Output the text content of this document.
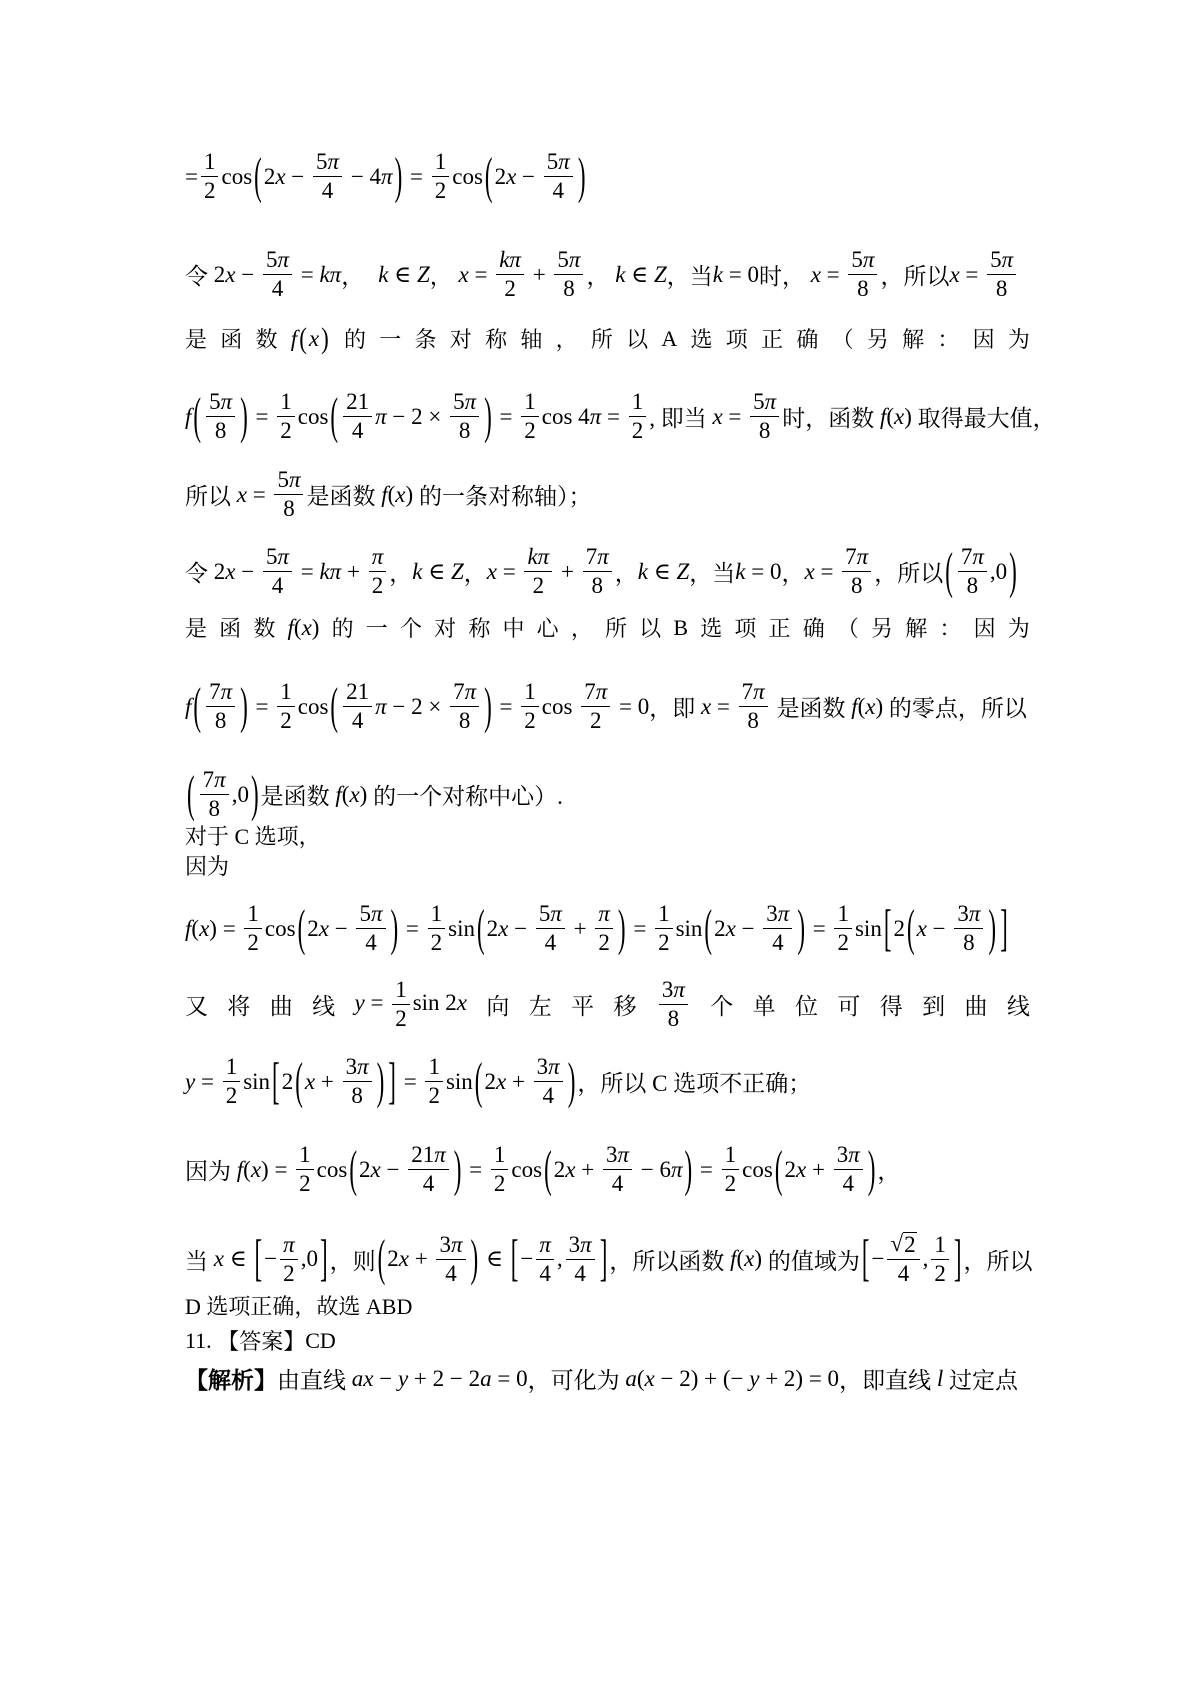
= $\frac{1}{2}$ cos ( 2 $x - \frac{5\pi}{4} - 4$ π ) = $\frac{1}{2}$ cos ( 2 $x - \frac{5\pi}{4}$ )
令 2 $x - \frac{5\pi}{4} = k\pi$ ， k ∈ Z ，
$x = \frac{k\pi}{2} + \frac{5\pi}{8}$ ，
k ∈ Z ，当 k = 0 时，
$x = \frac{5\pi}{8}$ ，所以 $x = \frac{5\pi}{8}$
是 函 数 f(x) 的 一 条 对 称 轴 ， 所 以 A 选 项 正 确 （ 另 解 ： 因 为
f ( $\frac{5\pi}{8}$ ) = $\frac{1}{2}$ cos ( $\frac{21}{4}$ $\pi - 2 \times \frac{5\pi}{8}$ ) = $\frac{1}{2}$ cos 4 $\pi = \frac{1}{2}$ , 即当
$x = \frac{5\pi}{8}$ 时，函数
f ( x ) 取得最大值，
所以
$x = \frac{5\pi}{8}$ 是函数
f ( x ) 的一条对称轴）；
令 2 $x - \frac{5\pi}{4} = k\pi + \frac{\pi}{2}$ ， k ∈ Z ， $x = \frac{k\pi}{2} + \frac{7\pi}{8}$ ， k ∈ Z ，当 k = 0 ， $x = \frac{7\pi}{8}$ ，所以 ( $\frac{7\pi}{8} ,0$ )
是 函 数 f(x) 的 一 个 对 称 中 心 ， 所 以 B 选 项 正 确 （ 另 解 ： 因 为
f ( $\frac{7\pi}{8}$ ) = $\frac{1}{2}$ cos ( $\frac{21}{4}$ $\pi - 2 \times \frac{7\pi}{8}$ ) = $\frac{1}{2}$ $\cos \frac{7\pi}{2} = 0$ ，即
$x = \frac{7\pi}{8}$
是函数
f ( x ) 的零点，所以
( $\frac{7\pi}{8} ,0$ ) 是函数
f ( x ) 的一个对称中心）.
对于 C 选项，
因为
f ( x ) = $\frac{1}{2}$ cos ( 2 $x - \frac{5\pi}{4}$ ) = $\frac{1}{2}$ sin ( 2 $x - \frac{5\pi}{4} + \frac{\pi}{2}$ ) = $\frac{1}{2}$ sin ( 2 $x - \frac{3\pi}{4}$ ) = $\frac{1}{2}$ sin [ 2 ( $x - \frac{3\pi}{8}$ ) ]
又 将 曲 线 $y = \frac{1}{2}$ sin 2x 向 左 平 移 $\frac{3\pi}{8}$ 个 单 位 可 得 到 曲 线
$y = \frac{1}{2}$ sin [ 2 ( $x + \frac{3\pi}{8}$ ) ] = $\frac{1}{2}$ sin ( 2 $x + \frac{3\pi}{4}$ ) ，所以 C 选项不正确；
因为
f ( x ) = $\frac{1}{2}$ cos ( 2 $x - \frac{21\pi}{4}$ ) = $\frac{1}{2}$ cos ( 2 $x + \frac{3\pi}{4} - 6$ π ) = $\frac{1}{2}$ cos ( 2 $x + \frac{3\pi}{4}$ ) ，
当
x ∈ [ − $\frac{\pi}{2} ,0$ ] ，则 ( 2 $x + \frac{3\pi}{4}$ ) ∈ [ − $\frac{\pi}{4}$ , $\frac{3\pi}{4}$ ] ，所以函数
f ( x ) 的值域为 [ − $\frac{√ 2}{4}$ , $\frac{1}{2}$ ] ，所以
D 选项正确，故选 ABD
11.
【答案】 CD
【解析】 由直线
ax − y + 2 − 2 a = 0 ，可化为
a ( x − 2) + (− y + 2) = 0 ，即直线
l
过定点
